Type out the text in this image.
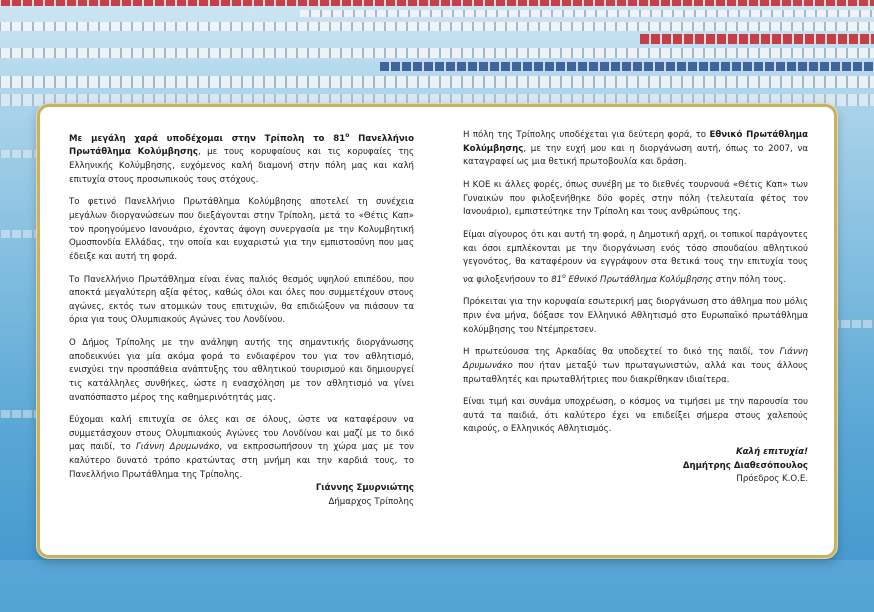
Με μεγάλη χαρά υποδέχομαι στην Τρίπολη το $81^o$ Πανελλήνιο Πρωτάθλημα Κολύμβησης, με τους κορυφαίους και τις κορυφαίες της Ελληνικής Κολύμβησης, ευχόμενος καλή διαμονή στην πόλη μας και καλή επιτυχία στους προσωπικούς τους στόχους.

Το φετινό Πανελλήνιο Πρωτάθλημα Κολύμβησης αποτελεί τη συνέχεια μεγάλων διοργανώσεων που διεξάγονται στην Τρίπολη, μετά το «Θέτις Καπ» τον προηγούμενο Ιανουάριο, έχοντας άψογη συνεργασία με την Κολυμβητική Ομοσπονδία Ελλάδας, την οποία και ευχαριστώ για την εμπιστοσύνη που μας έδειξε και αυτή τη φορά.

Το Πανελλήνιο Πρωτάθλημα είναι ένας παλιός θεσμός υψηλού επιπέδου, που αποκτά μεγαλύτερη αξία φέτος, καθώς όλοι και όλες που συμμετέχουν στους αγώνες, εκτός των ατομικών τους επιτυχιών, θα επιδιώξουν να πιάσουν τα όρια για τους Ολυμπιακούς Αγώνες του Λονδίνου.

Ο Δήμος Τρίπολης με την ανάληψη αυτής της σημαντικής διοργάνωσης αποδεικνύει για μία ακόμα φορά το ενδιαφέρον του για τον αθλητισμό, ενισχύει την προσπάθεια ανάπτυξης του αθλητικού τουρισμού και δημιουργεί τις κατάλληλες συνθήκες, ώστε η ενασχόληση με τον αθλητισμό να γίνει αναπόσπαστο μέρος της καθημερινότητάς μας.

Εύχομαι καλή επιτυχία σε όλες και σε όλους, ώστε να καταφέρουν να συμμετάσχουν στους Ολυμπιακούς Αγώνες του Λονδίνου και μαζί με το δικό μας παιδί, το Γιάννη Δρυμωνάκο, να εκπροσωπήσουν τη χώρα μας με τον καλύτερο δυνατό τρόπο κρατώντας στη μνήμη και την καρδιά τους, το Πανελλήνιο Πρωτάθλημα της Τρίπολης.

Γιάννης Σμυρνιώτης
Δήμαρχος Τρίπολης

Η πόλη της Τρίπολης υποδέχεται για δεύτερη φορά, το Εθνικό Πρωτάθλημα Κολύμβησης, με την ευχή μου και η διοργάνωση αυτή, όπως το 2007, να καταγραφεί ως μια θετική πρωτοβουλία και δράση.

Η ΚΟΕ κι άλλες φορές, όπως συνέβη με το διεθνές τουρνουά «Θέτις Καπ» των Γυναικών που φιλοξενήθηκε δύο φορές στην πόλη (τελευταία φέτος τον Ιανουάριο), εμπιστεύτηκε την Τρίπολη και τους ανθρώπους της.

Είμαι σίγουρος ότι και αυτή τη φορά, η Δημοτική αρχή, οι τοπικοί παράγοντες και όσοι εμπλέκονται με την διοργάνωση ενός τόσο σπουδαίου αθλητικού γεγονότος, θα καταφέρουν να εγγράψουν στα θετικά τους την επιτυχία τους να φιλοξενήσουν το $81^o$ Εθνικό Πρωτάθλημα Κολύμβησης στην πόλη τους.

Πρόκειται για την κορυφαία εσωτερική μας διοργάνωση στο άθλημα που μόλις πριν ένα μήνα, δόξασε τον Ελληνικό Αθλητισμό στο Ευρωπαϊκό πρωτάθλημα κολύμβησης του Ντέμπρετσεν.

Η πρωτεύουσα της Αρκαδίας θα υποδεχτεί το δικό της παιδί, τον Γιάννη Δρυμωνάκο που ήταν μεταξύ των πρωταγωνιστών, αλλά και τους άλλους πρωταθλητές και πρωταθλήτριες που διακρίθηκαν ιδιαίτερα.

Είναι τιμή και συνάμα υποχρέωση, ο κόσμος να τιμήσει με την παρουσία του αυτά τα παιδιά, ότι καλύτερο έχει να επιδείξει σήμερα στους χαλεπούς καιρούς, ο Ελληνικός Αθλητισμός.

Καλή επιτυχία!
Δημήτρης Διαθεσόπουλος
Πρόεδρος Κ.Ο.Ε.
